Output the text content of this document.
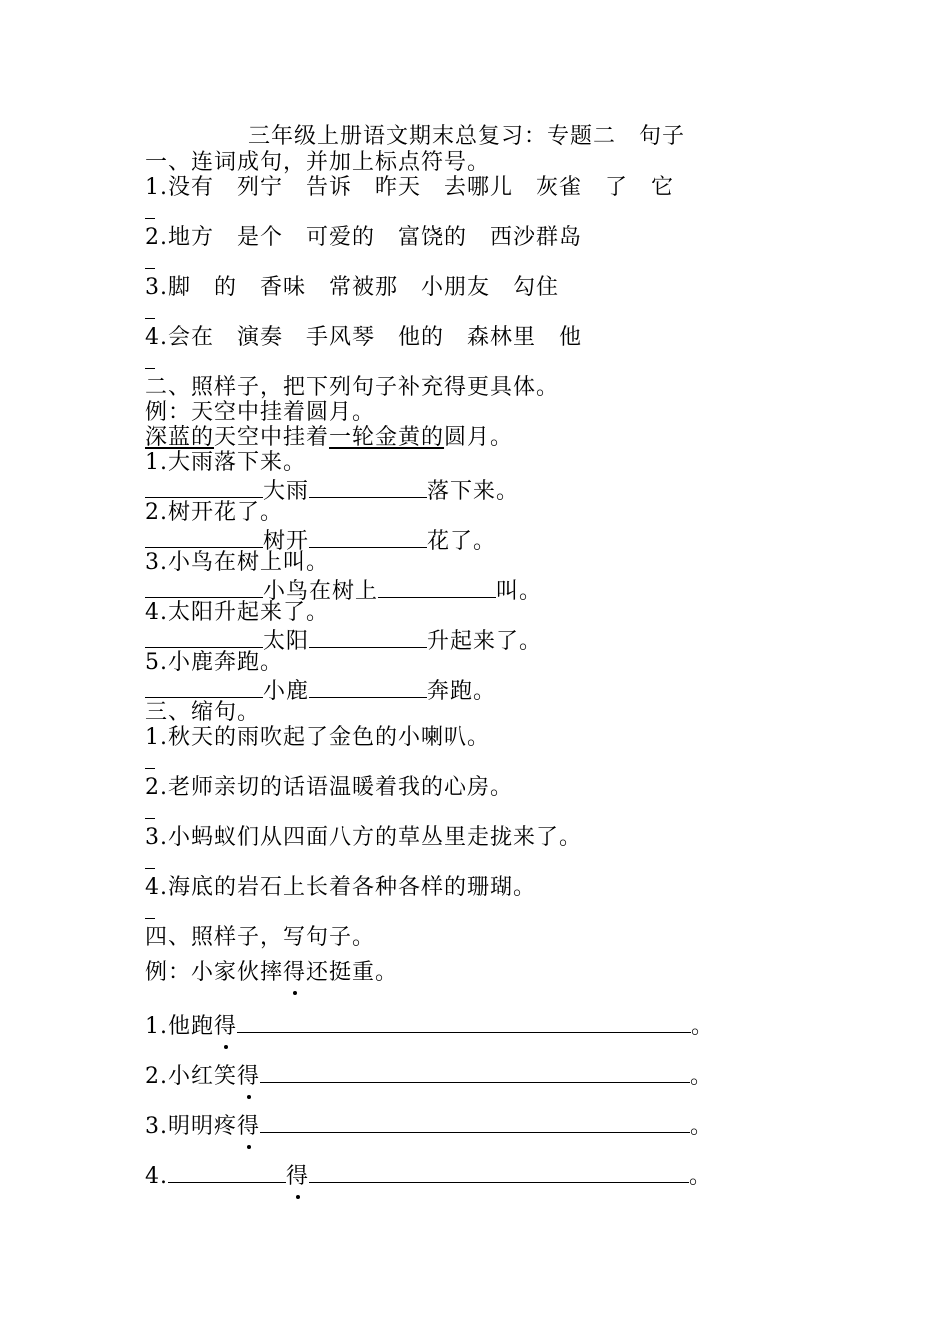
三年级上册语文期末总复习：专题二　句子
一、连词成句，并加上标点符号。
1.没有　列宁　告诉　昨天　去哪儿　灰雀　了　它
2.地方　是个　可爱的　富饶的　西沙群岛
3.脚　的　香味　常被那　小朋友　勾住
4.会在　演奏　手风琴　他的　森林里　他
二、照样子，把下列句子补充得更具体。
例：天空中挂着圆月。
深蓝的天空中挂着一轮金黄的圆月。
1.大雨落下来。
大雨	落下来。
2.树开花了。
树开	花了。
3.小鸟在树上叫。
小鸟在树上	叫。
4.太阳升起来了。
太阳	升起来了。
5.小鹿奔跑。
小鹿	奔跑。
三、缩句。
1.秋天的雨吹起了金色的小喇叭。
2.老师亲切的话语温暖着我的心房。
3.小蚂蚁们从四面八方的草丛里走拢来了。
4.海底的岩石上长着各种各样的珊瑚。
四、照样子，写句子。
例：小家伙摔得还挺重。
1.他跑得	。
2.小红笑得	。
3.明明疼得	。
4.	得	。
